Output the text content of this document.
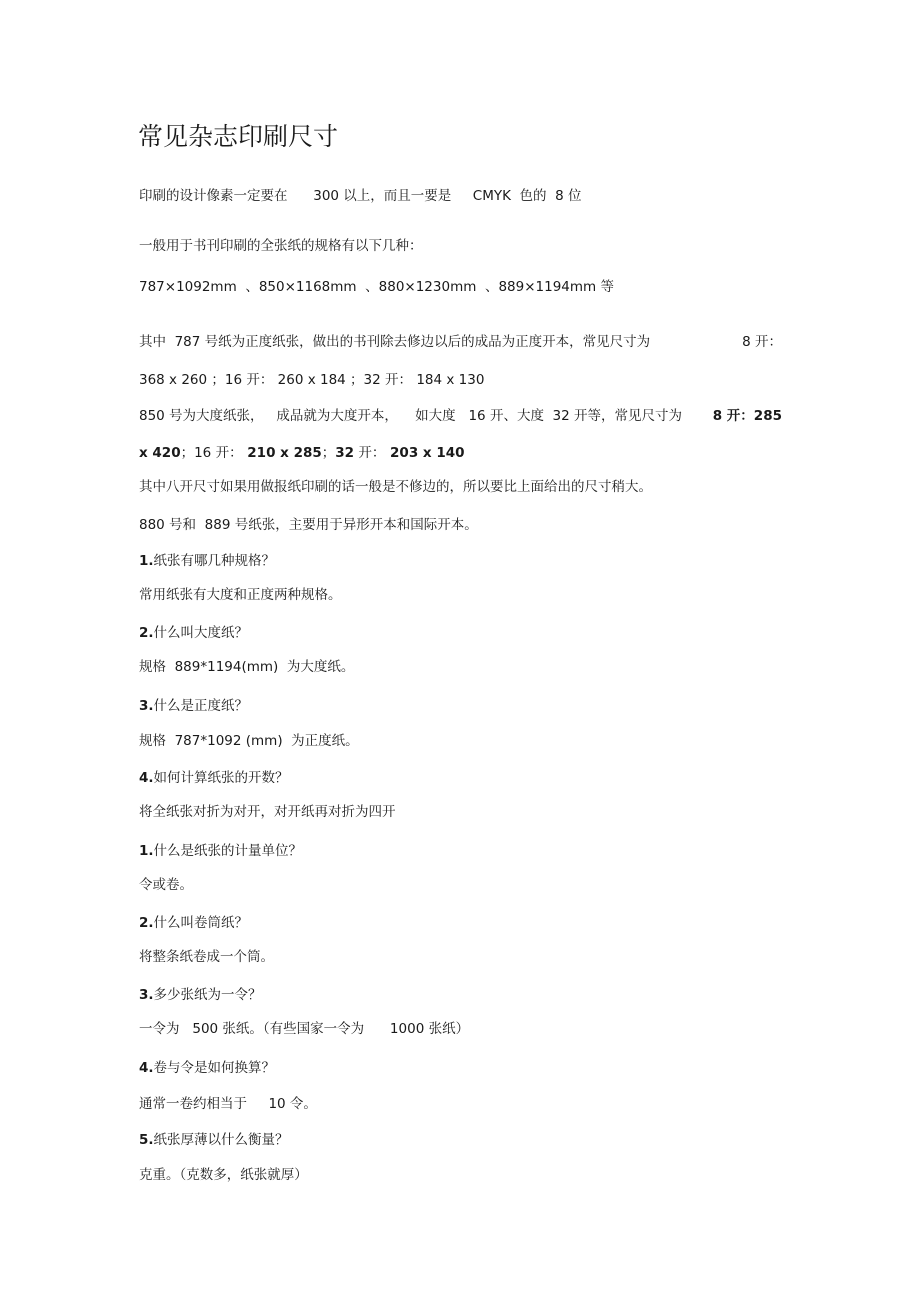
常见杂志印刷尺寸
印刷的设计像素一定要在      300 以上，而且一要是     CMYK  色的  8 位
一般用于书刊印刷的全张纸的规格有以下几种：
787×1092mm  、850×1168mm  、880×1230mm  、889×1194mm 等
其中  787 号纸为正度纸张，做出的书刊除去修边以后的成品为正度开本，常见尺寸为	8 开：
368 x 260 ；16 开： 260 x 184 ；32 开： 184 x 130
850 号为大度纸张，   成品就为大度开本，    如大度   16 开、大度  32 开等，常见尺寸为 8 开：285
x 420；16 开： 210 x 285；32 开： 203 x 140
其中八开尺寸如果用做报纸印刷的话一般是不修边的，所以要比上面给出的尺寸稍大。
880 号和  889 号纸张，主要用于异形开本和国际开本。
1.纸张有哪几种规格？
常用纸张有大度和正度两种规格。
2.什么叫大度纸？
规格  889*1194(mm)  为大度纸。
3.什么是正度纸？
规格  787*1092 (mm)  为正度纸。
4.如何计算纸张的开数？
将全纸张对折为对开，对开纸再对折为四开
1.什么是纸张的计量单位？
令或卷。
2.什么叫卷筒纸？
将整条纸卷成一个筒。
3.多少张纸为一令？
一令为   500 张纸。（有些国家一令为      1000 张纸）
4.卷与令是如何换算？
通常一卷约相当于     10 令。
5.纸张厚薄以什么衡量？
克重。（克数多，纸张就厚）
